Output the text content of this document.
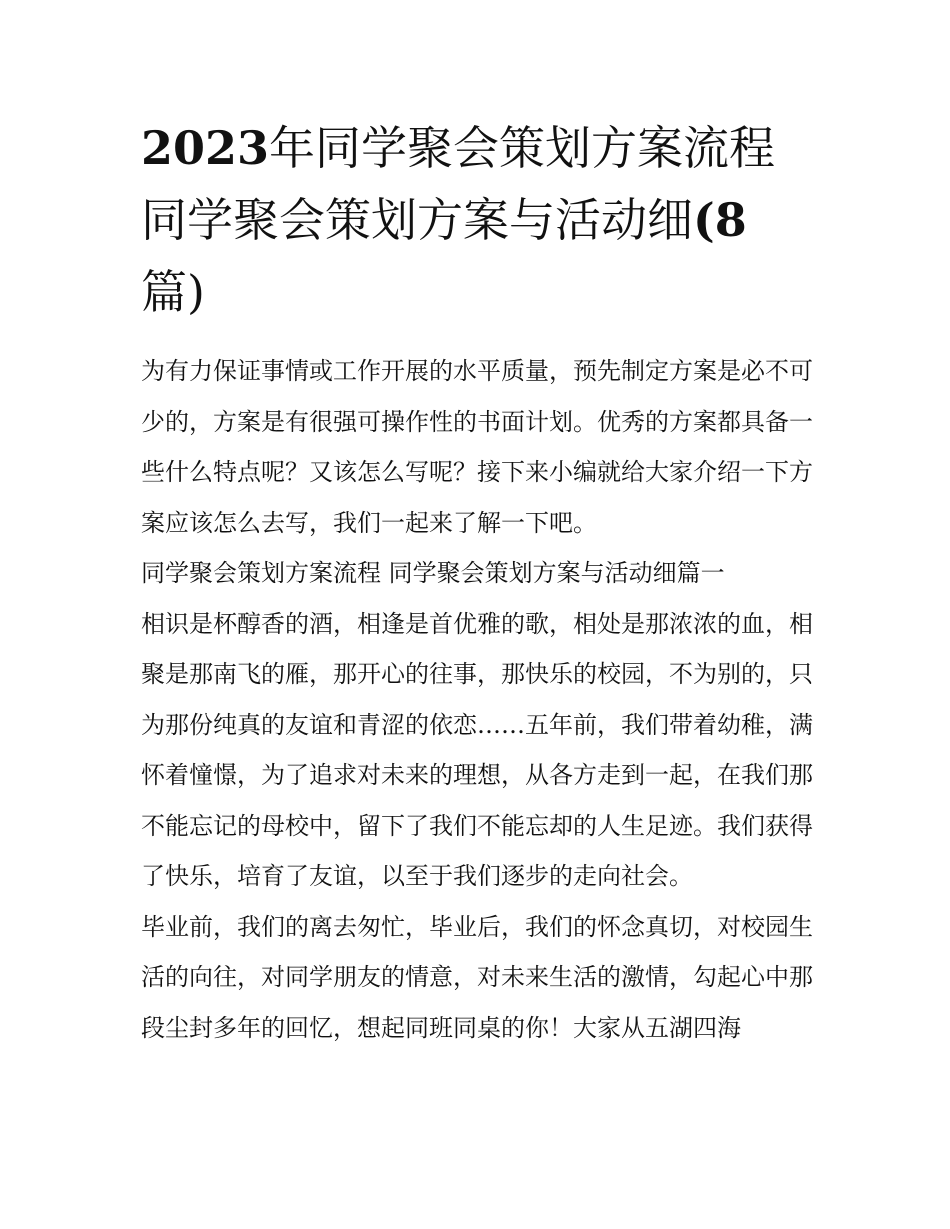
2023年同学聚会策划方案流程
同学聚会策划方案与活动细(8
篇)

为有力保证事情或工作开展的水平质量，预先制定方案是必不可少的，方案是有很强可操作性的书面计划。优秀的方案都具备一些什么特点呢？又该怎么写呢？接下来小编就给大家介绍一下方案应该怎么去写，我们一起来了解一下吧。

同学聚会策划方案流程 同学聚会策划方案与活动细篇一

相识是杯醇香的酒，相逢是首优雅的歌，相处是那浓浓的血，相聚是那南飞的雁，那开心的往事，那快乐的校园，不为别的，只为那份纯真的友谊和青涩的依恋……五年前，我们带着幼稚，满怀着憧憬，为了追求对未来的理想，从各方走到一起，在我们那不能忘记的母校中，留下了我们不能忘却的人生足迹。我们获得了快乐，培育了友谊，以至于我们逐步的走向社会。

毕业前，我们的离去匆忙，毕业后，我们的怀念真切，对校园生活的向往，对同学朋友的情意，对未来生活的激情，勾起心中那段尘封多年的回忆，想起同班同桌的你！大家从五湖四海
